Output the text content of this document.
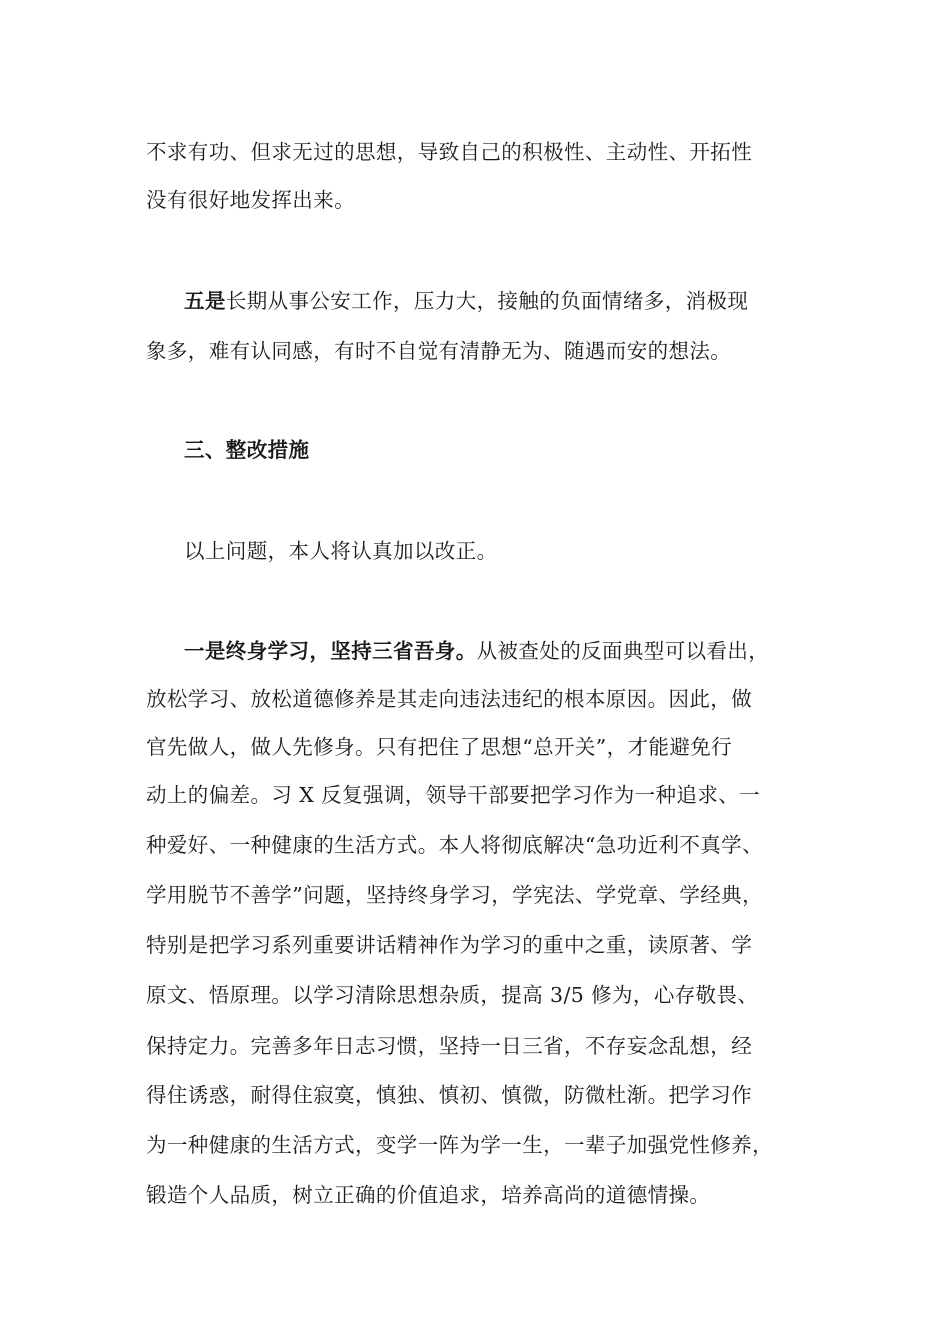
不求有功、但求无过的思想，导致自己的积极性、主动性、开拓性
没有很好地发挥出来。
五是长期从事公安工作，压力大，接触的负面情绪多，消极现
象多，难有认同感，有时不自觉有清静无为、随遇而安的想法。
三、整改措施
以上问题，本人将认真加以改正。
一是终身学习，坚持三省吾身。从被查处的反面典型可以看出，
放松学习、放松道德修养是其走向违法违纪的根本原因。因此，做
官先做人，做人先修身。只有把住了思想“总开关”，才能避免行
动上的偏差。习 X 反复强调，领导干部要把学习作为一种追求、一
种爱好、一种健康的生活方式。本人将彻底解决“急功近利不真学、
学用脱节不善学”问题，坚持终身学习，学宪法、学党章、学经典，
特别是把学习系列重要讲话精神作为学习的重中之重，读原著、学
原文、悟原理。以学习清除思想杂质，提高 3/5 修为，心存敬畏、
保持定力。完善多年日志习惯，坚持一日三省，不存妄念乱想，经
得住诱惑，耐得住寂寞，慎独、慎初、慎微，防微杜渐。把学习作
为一种健康的生活方式，变学一阵为学一生，一辈子加强党性修养，
锻造个人品质，树立正确的价值追求，培养高尚的道德情操。
